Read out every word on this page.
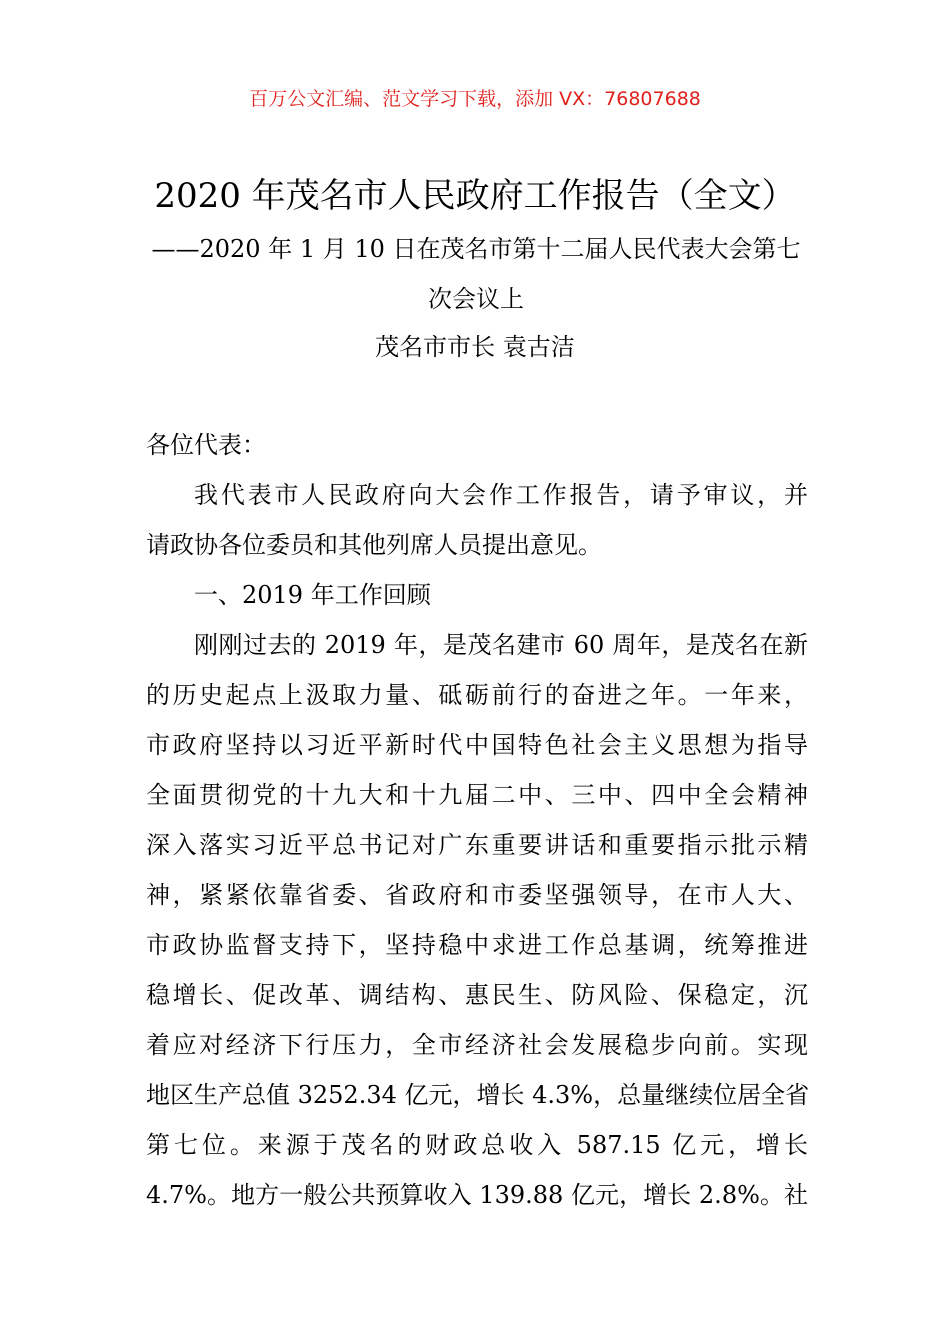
百万公文汇编、范文学习下载，添加 VX：76807688
2020 年茂名市人民政府工作报告（全文）
——2020 年 1 月 10 日在茂名市第十二届人民代表大会第七
次会议上
茂名市市长 袁古洁
各位代表：
我代表市人民政府向大会作工作报告，请予审议，并
请政协各位委员和其他列席人员提出意见。
一、2019 年工作回顾
刚刚过去的 2019 年，是茂名建市 60 周年，是茂名在新
的历史起点上汲取力量、砥砺前行的奋进之年。一年来，
市政府坚持以习近平新时代中国特色社会主义思想为指导
全面贯彻党的十九大和十九届二中、三中、四中全会精神
深入落实习近平总书记对广东重要讲话和重要指示批示精
神，紧紧依靠省委、省政府和市委坚强领导，在市人大、
市政协监督支持下，坚持稳中求进工作总基调，统筹推进
稳增长、促改革、调结构、惠民生、防风险、保稳定，沉
着应对经济下行压力，全市经济社会发展稳步向前。实现
地区生产总值 3252.34 亿元，增长 4.3%，总量继续位居全省
第七位。来源于茂名的财政总收入 587.15 亿元，增长
4.7%。地方一般公共预算收入 139.88 亿元，增长 2.8%。社
